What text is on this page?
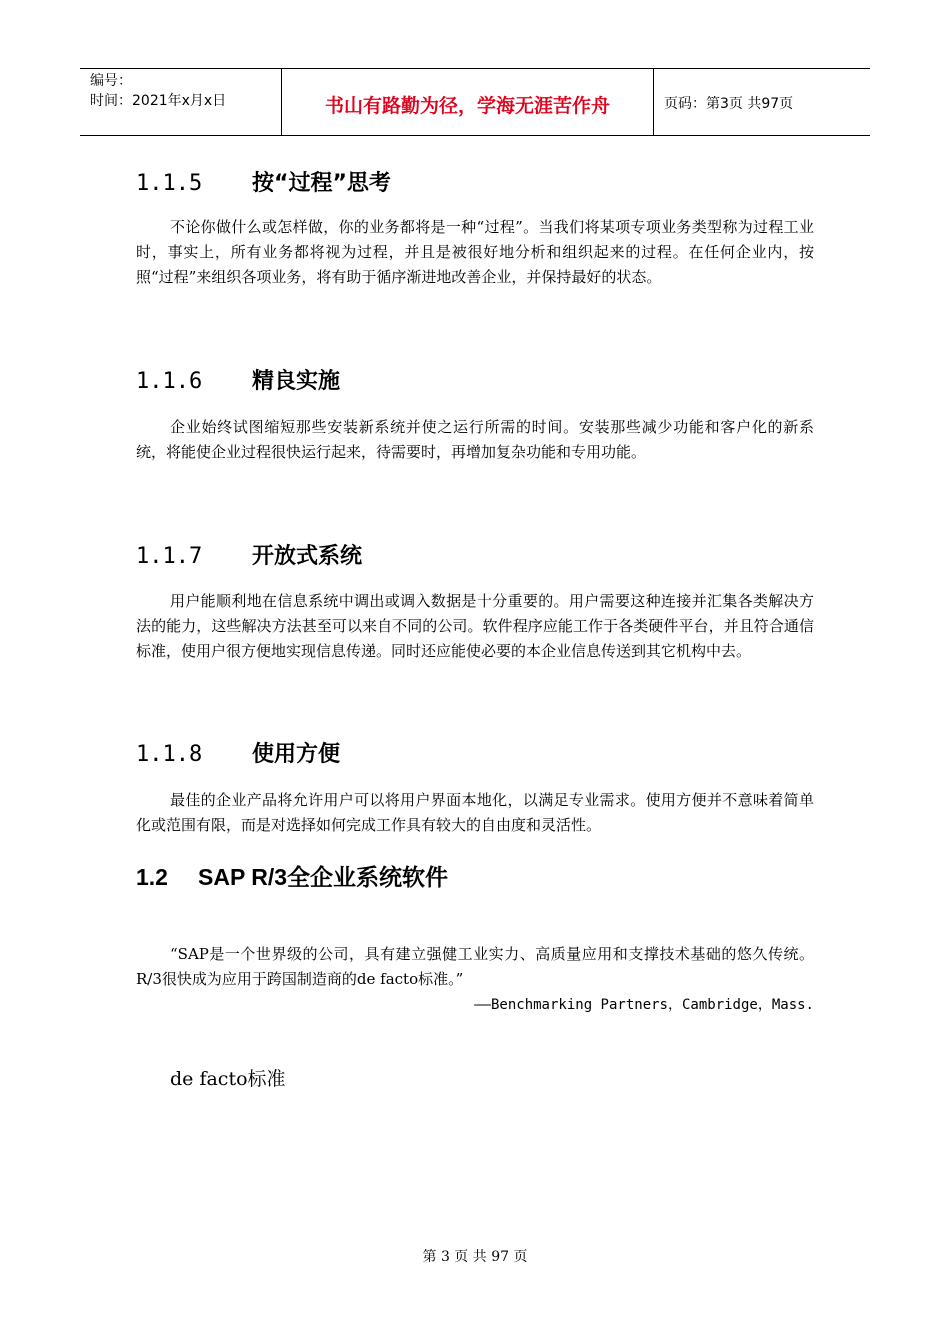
编号：
时间：2021年x月x日	书山有路勤为径，学海无涯苦作舟	页码：第3页 共97页
1.1.5	按“过程”思考
不论你做什么或怎样做，你的业务都将是一种“过程”。当我们将某项专项业务类型称为过程工业时，事实上，所有业务都将视为过程，并且是被很好地分析和组织起来的过程。在任何企业内，按照“过程”来组织各项业务，将有助于循序渐进地改善企业，并保持最好的状态。
1.1.6	精良实施
企业始终试图缩短那些安装新系统并使之运行所需的时间。安装那些减少功能和客户化的新系统，将能使企业过程很快运行起来，待需要时，再增加复杂功能和专用功能。
1.1.7	开放式系统
用户能顺利地在信息系统中调出或调入数据是十分重要的。用户需要这种连接并汇集各类解决方法的能力，这些解决方法甚至可以来自不同的公司。软件程序应能工作于各类硬件平台，并且符合通信标准，使用户很方便地实现信息传递。同时还应能使必要的本企业信息传送到其它机构中去。
1.1.8	使用方便
最佳的企业产品将允许用户可以将用户界面本地化，以满足专业需求。使用方便并不意味着简单化或范围有限，而是对选择如何完成工作具有较大的自由度和灵活性。
1.2	SAP R/3全企业系统软件
“SAP是一个世界级的公司，具有建立强健工业实力、高质量应用和支撑技术基础的悠久传统。R/3很快成为应用于跨国制造商的de facto标准。”
——Benchmarking Partners，Cambridge，Mass.
de facto标准
第 3 页 共 97 页
